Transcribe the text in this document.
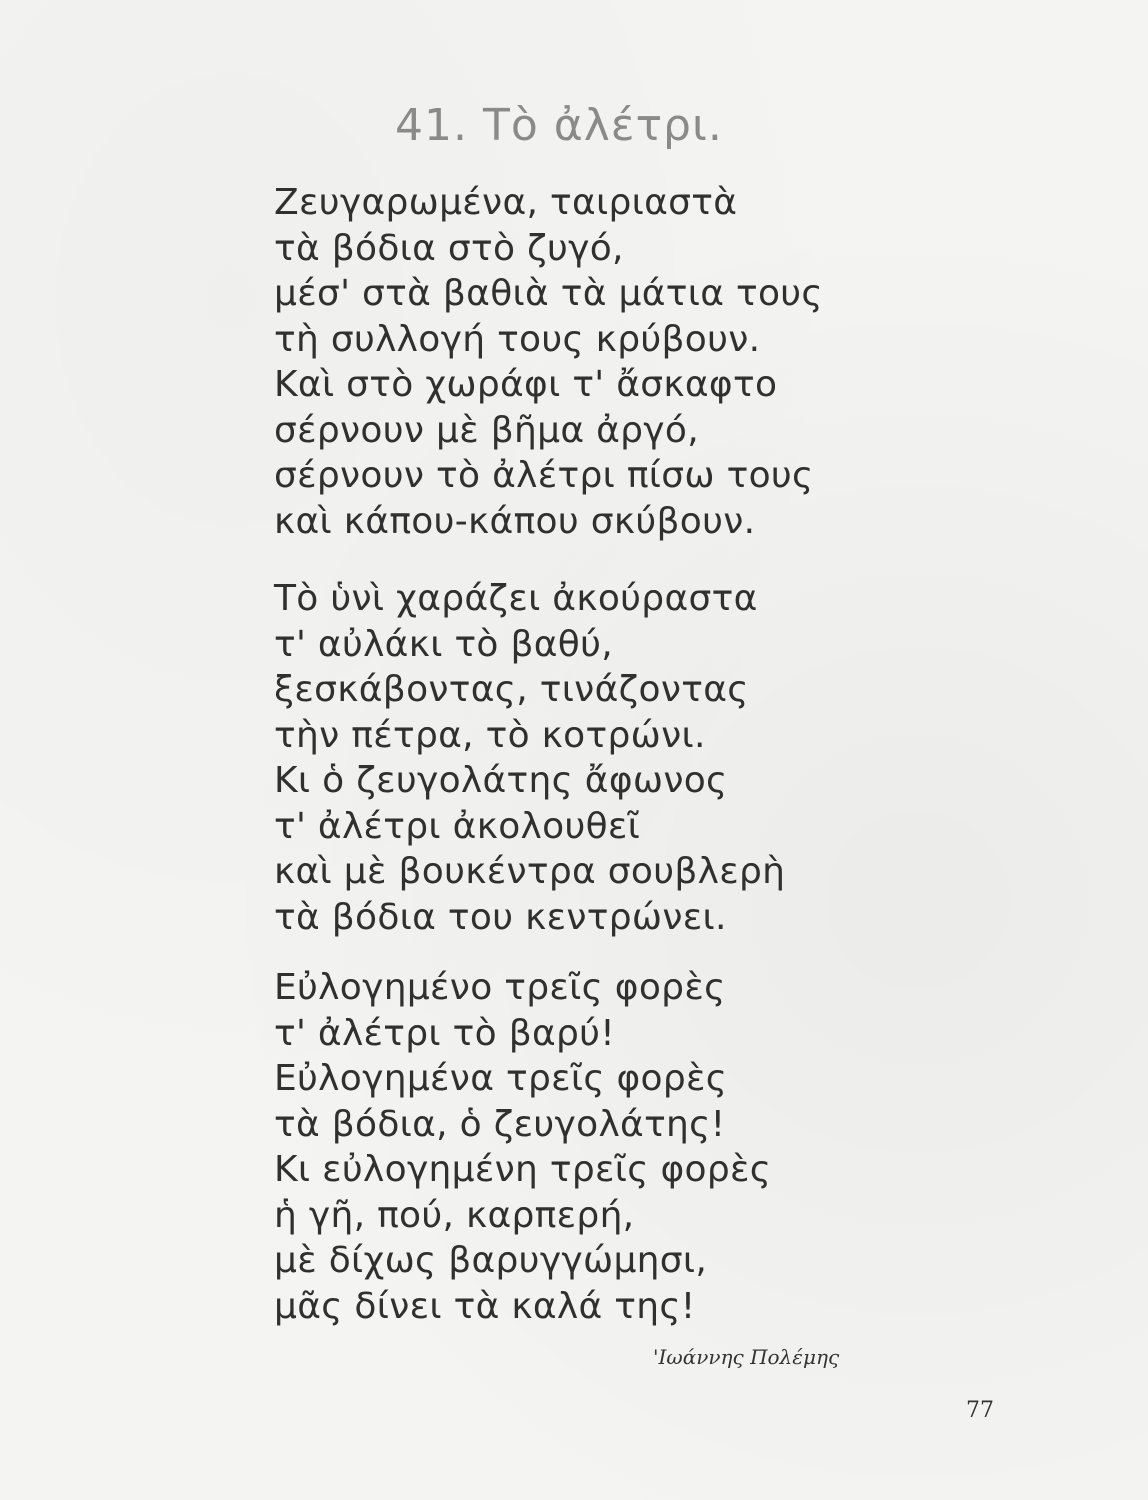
41. Τὸ ἀλέτρι.
Ζευγαρωμένα, ταιριαστὰ
τὰ βόδια στὸ ζυγό,
μέσ' στὰ βαθιὰ τὰ μάτια τους
τὴ συλλογή τους κρύβουν.
Καὶ στὸ χωράφι τ' ἄσκαφτο
σέρνουν μὲ βῆμα ἀργό,
σέρνουν τὸ ἀλέτρι πίσω τους
καὶ κάπου-κάπου σκύβουν.
Τὸ ὑνὶ χαράζει ἀκούραστα
τ' αὐλάκι τὸ βαθύ,
ξεσκάβοντας, τινάζοντας
τὴν πέτρα, τὸ κοτρώνι.
Κι ὁ ζευγολάτης ἄφωνος
τ' ἀλέτρι ἀκολουθεῖ
καὶ μὲ βουκέντρα σουβλερὴ
τὰ βόδια του κεντρώνει.
Εὐλογημένο τρεῖς φορὲς
τ' ἀλέτρι τὸ βαρύ!
Εὐλογημένα τρεῖς φορὲς
τὰ βόδια, ὁ ζευγολάτης!
Κι εὐλογημένη τρεῖς φορὲς
ἡ γῆ, πού, καρπερή,
μὲ δίχως βαρυγγώμησι,
μᾶς δίνει τὰ καλά της!
'Ιωάννης Πολέμης
77
